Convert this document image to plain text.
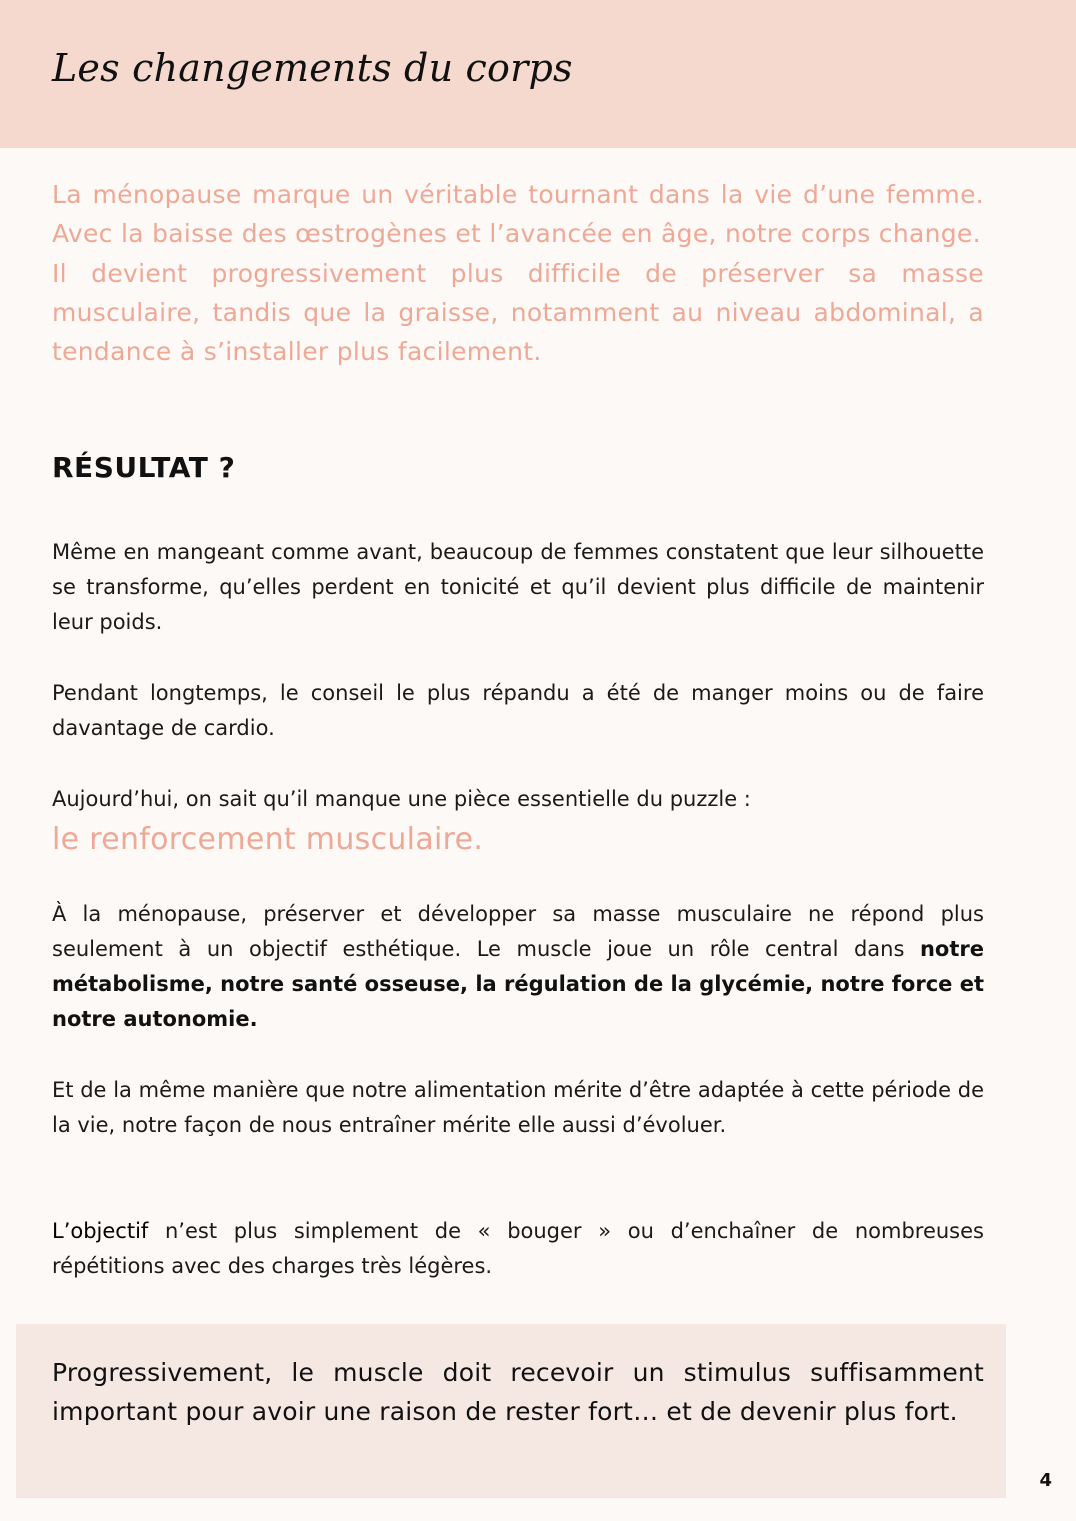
Les changements du corps

La ménopause marque un véritable tournant dans la vie d’une femme. Avec la baisse des œstrogènes et l’avancée en âge, notre corps change.

Il devient progressivement plus difficile de préserver sa masse musculaire, tandis que la graisse, notamment au niveau abdominal, a tendance à s’installer plus facilement.

RÉSULTAT ?

Même en mangeant comme avant, beaucoup de femmes constatent que leur silhouette se transforme, qu’elles perdent en tonicité et qu’il devient plus difficile de maintenir leur poids.

Pendant longtemps, le conseil le plus répandu a été de manger moins ou de faire davantage de cardio.

Aujourd’hui, on sait qu’il manque une pièce essentielle du puzzle :

le renforcement musculaire.

À la ménopause, préserver et développer sa masse musculaire ne répond plus seulement à un objectif esthétique. Le muscle joue un rôle central dans notre métabolisme, notre santé osseuse, la régulation de la glycémie, notre force et notre autonomie.

Et de la même manière que notre alimentation mérite d’être adaptée à cette période de la vie, notre façon de nous entraîner mérite elle aussi d’évoluer.

L’objectif n’est plus simplement de « bouger » ou d’enchaîner de nombreuses répétitions avec des charges très légères.

Progressivement, le muscle doit recevoir un stimulus suffisamment important pour avoir une raison de rester fort… et de devenir plus fort.

4
